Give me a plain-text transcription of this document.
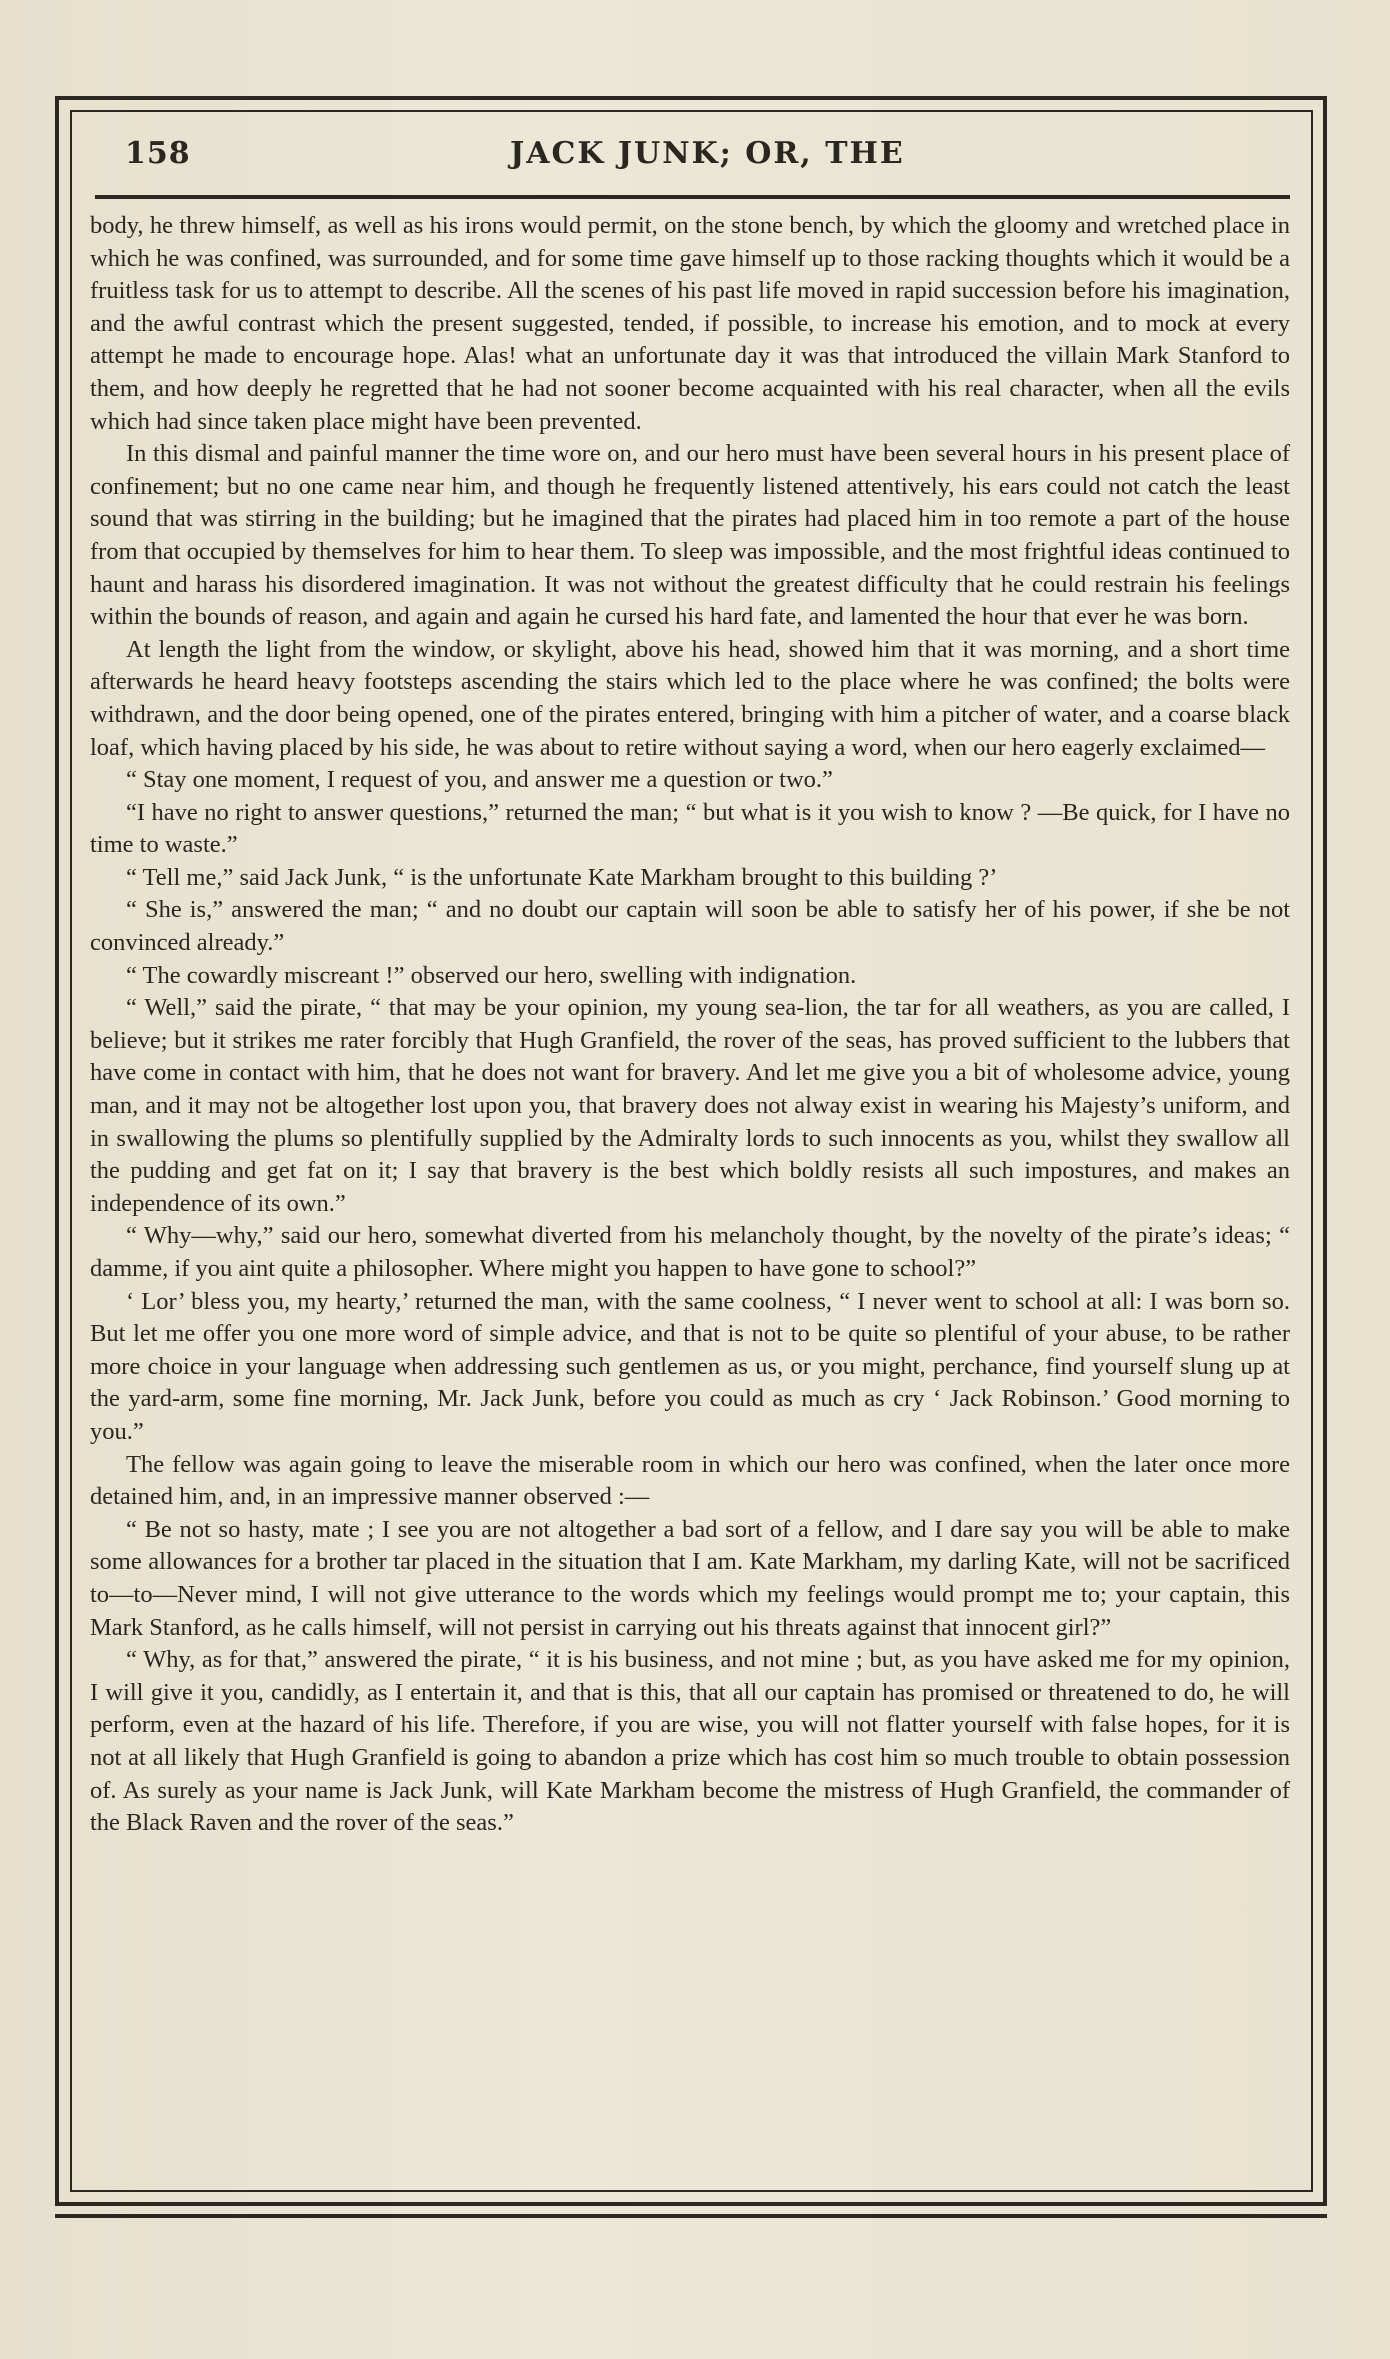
158	JACK JUNK; OR, THE

body, he threw himself, as well as his irons would permit, on the stone bench, by which the gloomy and wretched place in which he was confined, was surrounded, and for some time gave himself up to those racking thoughts which it would be a fruitless task for us to attempt to describe. All the scenes of his past life moved in rapid succession before his imagination, and the awful contrast which the present suggested, tended, if possible, to increase his emotion, and to mock at every attempt he made to encourage hope. Alas! what an unfortunate day it was that introduced the villain Mark Stanford to them, and how deeply he regretted that he had not sooner become acquainted with his real character, when all the evils which had since taken place might have been prevented.

In this dismal and painful manner the time wore on, and our hero must have been several hours in his present place of confinement; but no one came near him, and though he frequently listened attentively, his ears could not catch the least sound that was stirring in the building; but he imagined that the pirates had placed him in too remote a part of the house from that occupied by themselves for him to hear them. To sleep was impossible, and the most frightful ideas continued to haunt and harass his disordered imagination. It was not without the greatest difficulty that he could restrain his feelings within the bounds of reason, and again and again he cursed his hard fate, and lamented the hour that ever he was born.

At length the light from the window, or skylight, above his head, showed him that it was morning, and a short time afterwards he heard heavy footsteps ascending the stairs which led to the place where he was confined; the bolts were withdrawn, and the door being opened, one of the pirates entered, bringing with him a pitcher of water, and a coarse black loaf, which having placed by his side, he was about to retire without saying a word, when our hero eagerly exclaimed—

“ Stay one moment, I request of you, and answer me a question or two.”

“I have no right to answer questions,” returned the man; “ but what is it you wish to know ? —Be quick, for I have no time to waste.”

“ Tell me,” said Jack Junk, “ is the unfortunate Kate Markham brought to this building ?’

“ She is,” answered the man; “ and no doubt our captain will soon be able to satisfy her of his power, if she be not convinced already.”

“ The cowardly miscreant !” observed our hero, swelling with indignation.

“ Well,” said the pirate, “ that may be your opinion, my young sea-lion, the tar for all weathers, as you are called, I believe; but it strikes me rater forcibly that Hugh Granfield, the rover of the seas, has proved sufficient to the lubbers that have come in contact with him, that he does not want for bravery. And let me give you a bit of wholesome advice, young man, and it may not be altogether lost upon you, that bravery does not alway exist in wearing his Majesty’s uniform, and in swallowing the plums so plentifully supplied by the Admiralty lords to such innocents as you, whilst they swallow all the pudding and get fat on it; I say that bravery is the best which boldly resists all such impostures, and makes an independence of its own.”

“ Why—why,” said our hero, somewhat diverted from his melancholy thought, by the novelty of the pirate’s ideas; “ damme, if you aint quite a philosopher. Where might you happen to have gone to school?”

‘ Lor’ bless you, my hearty,’ returned the man, with the same coolness, “ I never went to school at all: I was born so. But let me offer you one more word of simple advice, and that is not to be quite so plentiful of your abuse, to be rather more choice in your language when addressing such gentlemen as us, or you might, perchance, find yourself slung up at the yard-arm, some fine morning, Mr. Jack Junk, before you could as much as cry ‘ Jack Robinson.’ Good morning to you.”

The fellow was again going to leave the miserable room in which our hero was confined, when the later once more detained him, and, in an impressive manner observed :—

“ Be not so hasty, mate ; I see you are not altogether a bad sort of a fellow, and I dare say you will be able to make some allowances for a brother tar placed in the situation that I am. Kate Markham, my darling Kate, will not be sacrificed to—to—Never mind, I will not give utterance to the words which my feelings would prompt me to; your captain, this Mark Stanford, as he calls himself, will not persist in carrying out his threats against that innocent girl?”

“ Why, as for that,” answered the pirate, “ it is his business, and not mine ; but, as you have asked me for my opinion, I will give it you, candidly, as I entertain it, and that is this, that all our captain has promised or threatened to do, he will perform, even at the hazard of his life. Therefore, if you are wise, you will not flatter yourself with false hopes, for it is not at all likely that Hugh Granfield is going to abandon a prize which has cost him so much trouble to obtain possession of. As surely as your name is Jack Junk, will Kate Markham become the mistress of Hugh Granfield, the commander of the Black Raven and the rover of the seas.”
